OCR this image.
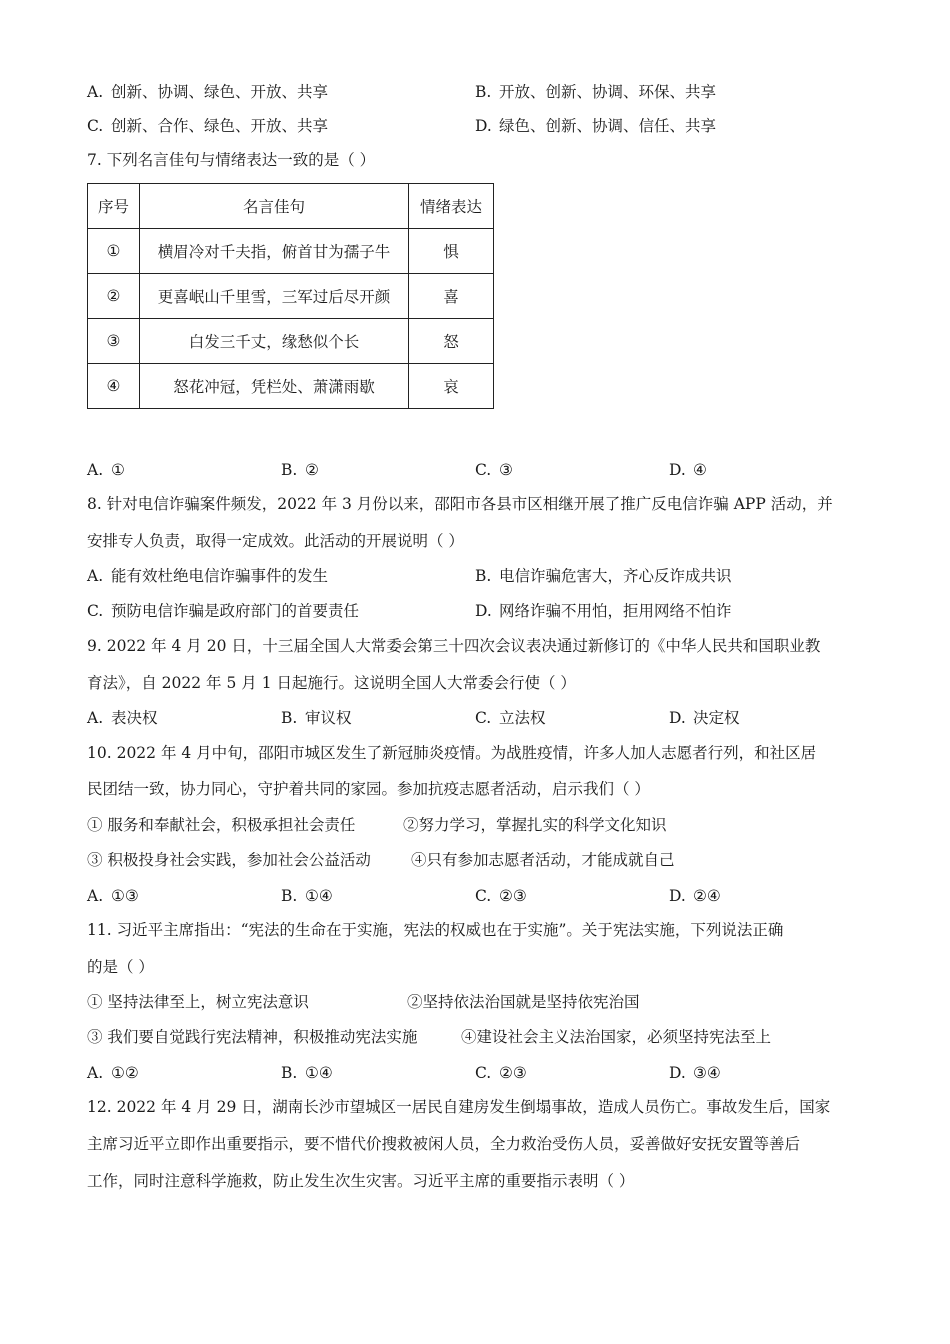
A. 创新、协调、绿色、开放、共享	B. 开放、创新、协调、环保、共享
C. 创新、合作、绿色、开放、共享	D. 绿色、创新、协调、信任、共享
7. 下列名言佳句与情绪表达一致的是（ ）
序号	名言佳句	情绪表达
①	横眉冷对千夫指，俯首甘为孺子牛	惧
②	更喜岷山千里雪，三军过后尽开颜	喜
③	白发三千丈，缘愁似个长	怒
④	怒花冲冠，凭栏处、萧潇雨歇	哀
A. ①	B. ②	C. ③	D. ④
8. 针对电信诈骗案件频发，2022 年 3 月份以来，邵阳市各县市区相继开展了推广反电信诈骗 APP 活动，并
安排专人负责，取得一定成效。此活动的开展说明（ ）
A. 能有效杜绝电信诈骗事件的发生	B. 电信诈骗危害大，齐心反诈成共识
C. 预防电信诈骗是政府部门的首要责任	D. 网络诈骗不用怕，拒用网络不怕诈
9. 2022 年 4 月 20 日，十三届全国人大常委会第三十四次会议表决通过新修订的《中华人民共和国职业教
育法》，自 2022 年 5 月 1 日起施行。这说明全国人大常委会行使（ ）
A. 表决权	B. 审议权	C. 立法权	D. 决定权
10. 2022 年 4 月中旬，邵阳市城区发生了新冠肺炎疫情。为战胜疫情，许多人加人志愿者行列，和社区居
民团结一致，协力同心，守护着共同的家园。参加抗疫志愿者活动，启示我们（ ）
① 服务和奉献社会，积极承担社会责任	②努力学习，掌握扎实的科学文化知识
③ 积极投身社会实践，参加社会公益活动	④只有参加志愿者活动，才能成就自己
A. ①③	B. ①④	C. ②③	D. ②④
11. 习近平主席指出：“宪法的生命在于实施，宪法的权威也在于实施”。关于宪法实施，下列说法正确
的是（ ）
① 坚持法律至上，树立宪法意识	②坚持依法治国就是坚持依宪治国
③ 我们要自觉践行宪法精神，积极推动宪法实施	④建设社会主义法治国家，必须坚持宪法至上
A. ①②	B. ①④	C. ②③	D. ③④
12. 2022 年 4 月 29 日，湖南长沙市望城区一居民自建房发生倒塌事故，造成人员伤亡。事故发生后，国家
主席习近平立即作出重要指示，要不惜代价搜救被闲人员，全力救治受伤人员，妥善做好安抚安置等善后
工作，同时注意科学施救，防止发生次生灾害。习近平主席的重要指示表明（ ）
